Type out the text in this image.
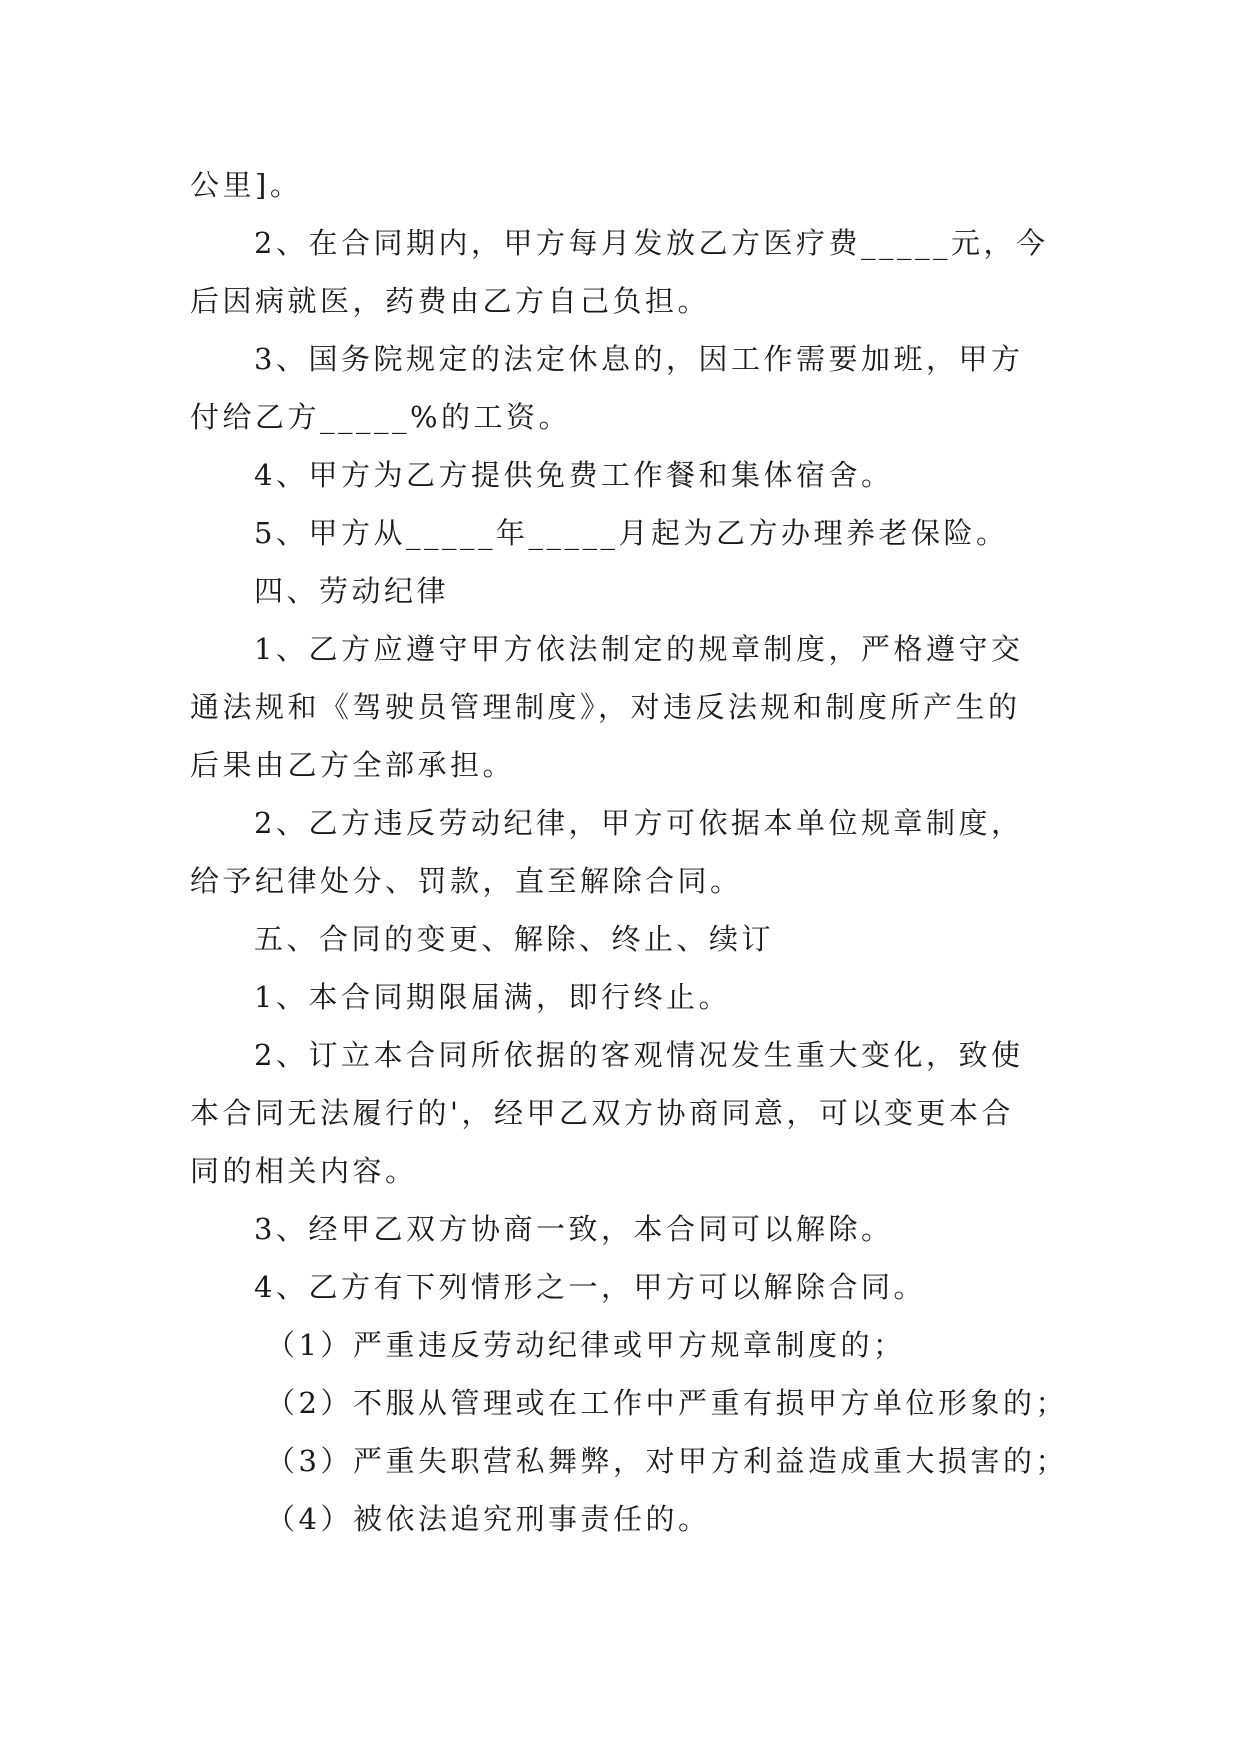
公里]。
2、在合同期内，甲方每月发放乙方医疗费_____元，今
后因病就医，药费由乙方自己负担。
3、国务院规定的法定休息的，因工作需要加班，甲方
付给乙方_____%的工资。
4、甲方为乙方提供免费工作餐和集体宿舍。
5、甲方从_____年_____月起为乙方办理养老保险。
四、劳动纪律
1、乙方应遵守甲方依法制定的规章制度，严格遵守交
通法规和《驾驶员管理制度》，对违反法规和制度所产生的
后果由乙方全部承担。
2、乙方违反劳动纪律，甲方可依据本单位规章制度，
给予纪律处分、罚款，直至解除合同。
五、合同的变更、解除、终止、续订
1、本合同期限届满，即行终止。
2、订立本合同所依据的客观情况发生重大变化，致使
本合同无法履行的'，经甲乙双方协商同意，可以变更本合
同的相关内容。
3、经甲乙双方协商一致，本合同可以解除。
4、乙方有下列情形之一，甲方可以解除合同。
（1）严重违反劳动纪律或甲方规章制度的；
（2）不服从管理或在工作中严重有损甲方单位形象的；
（3）严重失职营私舞弊，对甲方利益造成重大损害的；
（4）被依法追究刑事责任的。
